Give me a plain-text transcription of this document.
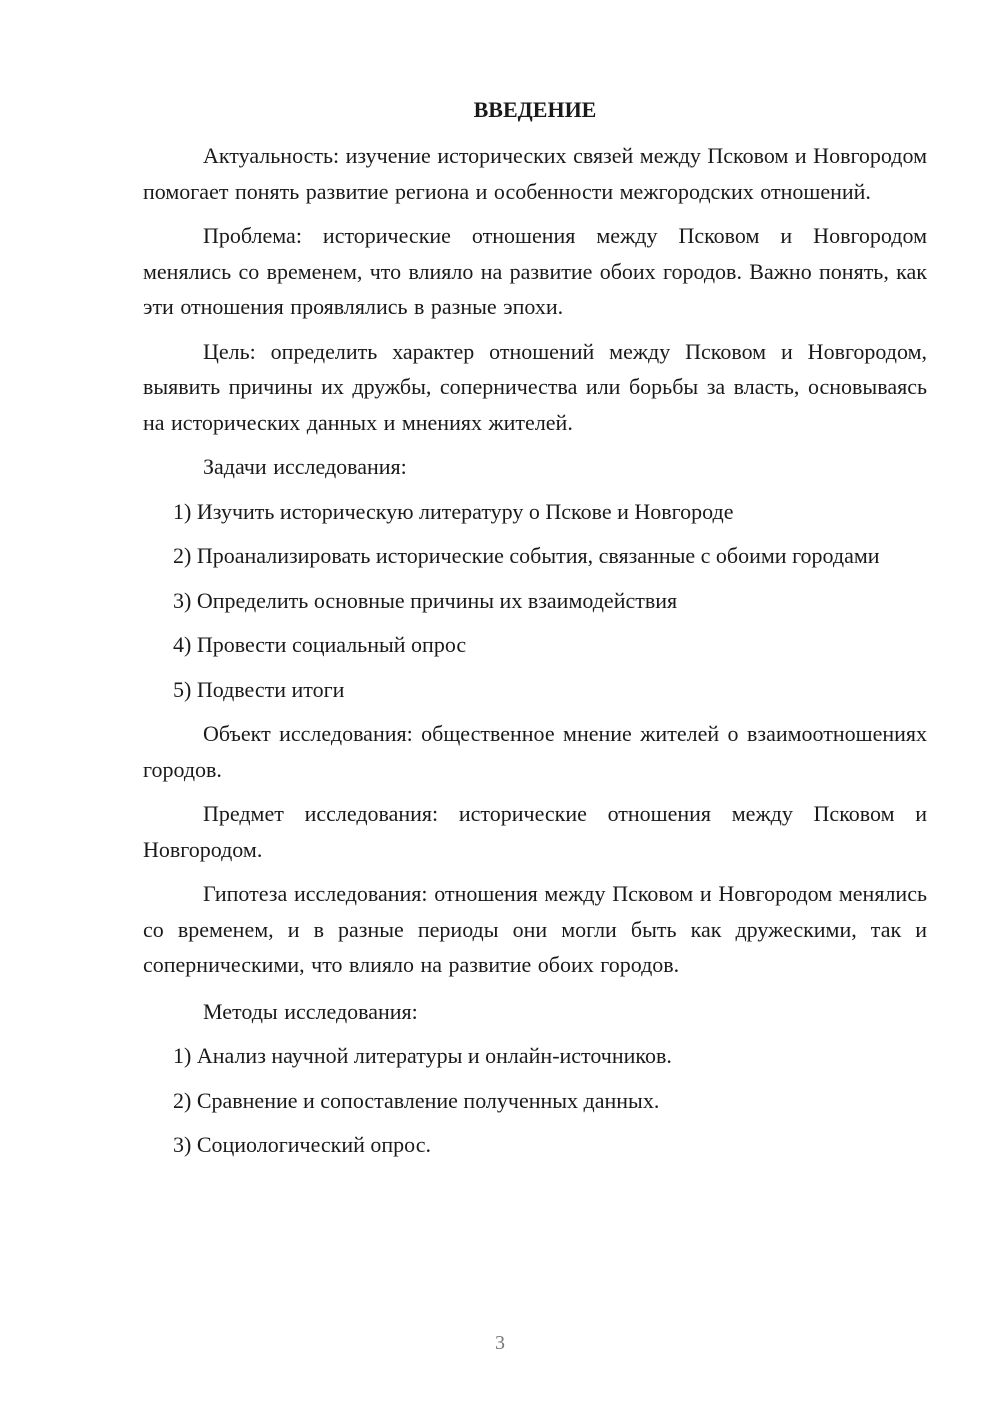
ВВЕДЕНИЕ

Актуальность: изучение исторических связей между Псковом и Новгородом помогает понять развитие региона и особенности межгородских отношений.

Проблема: исторические отношения между Псковом и Новгородом менялись со временем, что влияло на развитие обоих городов. Важно понять, как эти отношения проявлялись в разные эпохи.

Цель: определить характер отношений между Псковом и Новгородом, выявить причины их дружбы, соперничества или борьбы за власть, основываясь на исторических данных и мнениях жителей.

Задачи исследования:

1) Изучить историческую литературу о Пскове и Новгороде

2) Проанализировать исторические события, связанные с обоими городами

3) Определить основные причины их взаимодействия

4) Провести социальный опрос

5) Подвести итоги

Объект исследования: общественное мнение жителей о взаимоотношениях городов.

Предмет исследования: исторические отношения между Псковом и Новгородом.

Гипотеза исследования: отношения между Псковом и Новгородом менялись со временем, и в разные периоды они могли быть как дружескими, так и соперническими, что влияло на развитие обоих городов.

Методы исследования:

1) Анализ научной литературы и онлайн-источников.

2) Сравнение и сопоставление полученных данных.

3) Социологический опрос.

3
